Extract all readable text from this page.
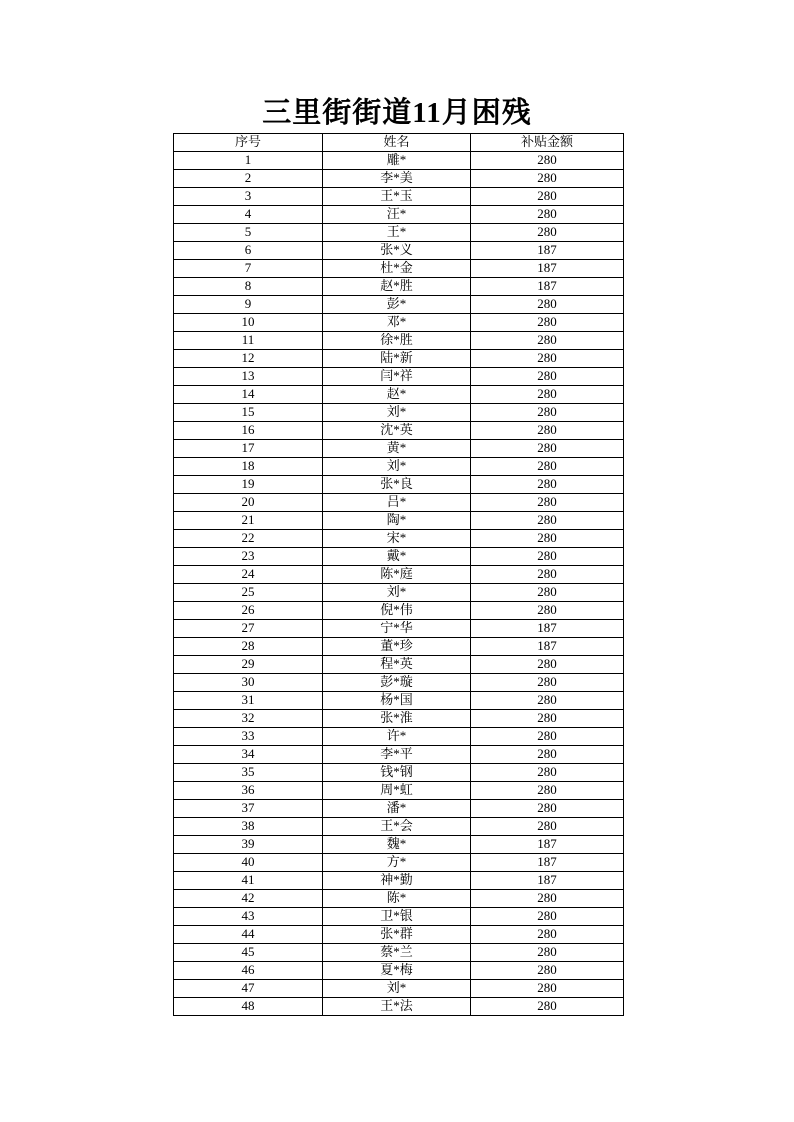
三里街街道11月困残
序号	姓名	补贴金额
1	雕*	280
2	李*美	280
3	王*玉	280
4	汪*	280
5	王*	280
6	张*义	187
7	杜*金	187
8	赵*胜	187
9	彭*	280
10	邓*	280
11	徐*胜	280
12	陆*新	280
13	闫*祥	280
14	赵*	280
15	刘*	280
16	沈*英	280
17	黄*	280
18	刘*	280
19	张*良	280
20	吕*	280
21	陶*	280
22	宋*	280
23	戴*	280
24	陈*庭	280
25	刘*	280
26	倪*伟	280
27	宁*华	187
28	董*珍	187
29	程*英	280
30	彭*璇	280
31	杨*国	280
32	张*淮	280
33	许*	280
34	李*平	280
35	钱*钢	280
36	周*虹	280
37	潘*	280
38	王*会	280
39	魏*	187
40	方*	187
41	神*勤	187
42	陈*	280
43	卫*银	280
44	张*群	280
45	蔡*兰	280
46	夏*梅	280
47	刘*	280
48	王*法	280
